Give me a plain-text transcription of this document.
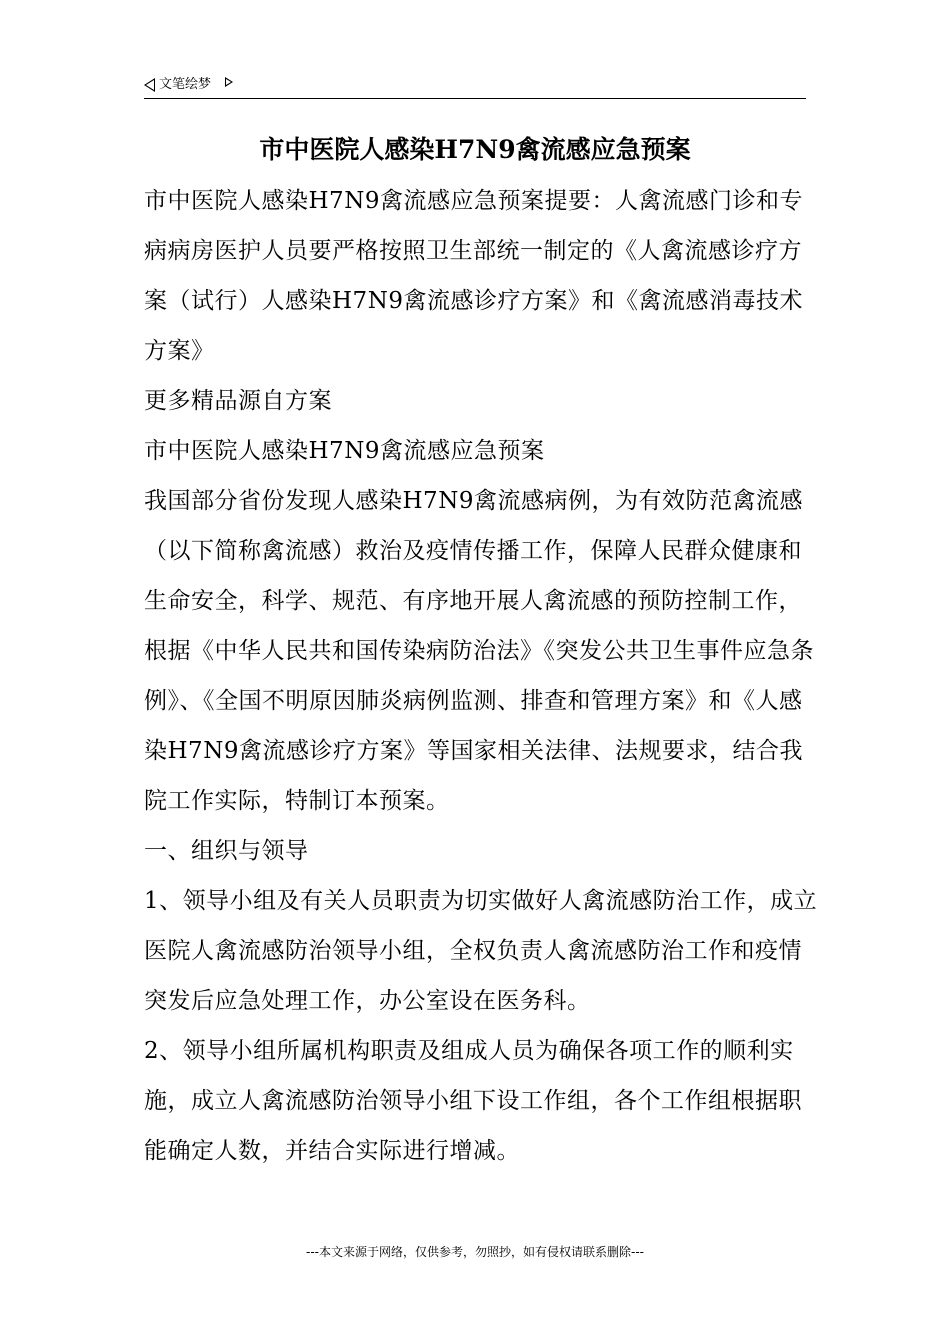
文笔绘梦
市中医院人感染H7N9禽流感应急预案

市中医院人感染H7N9禽流感应急预案提要：人禽流感门诊和专病病房医护人员要严格按照卫生部统一制定的《人禽流感诊疗方案（试行）人感染H7N9禽流感诊疗方案》和《禽流感消毒技术方案》

更多精品源自方案

市中医院人感染H7N9禽流感应急预案

我国部分省份发现人感染H7N9禽流感病例，为有效防范禽流感（以下简称禽流感）救治及疫情传播工作，保障人民群众健康和生命安全，科学、规范、有序地开展人禽流感的预防控制工作，根据《中华人民共和国传染病防治法》《突发公共卫生事件应急条例》、《全国不明原因肺炎病例监测、排查和管理方案》和《人感染H7N9禽流感诊疗方案》等国家相关法律、法规要求，结合我院工作实际，特制订本预案。

一、组织与领导

1、领导小组及有关人员职责为切实做好人禽流感防治工作，成立医院人禽流感防治领导小组，全权负责人禽流感防治工作和疫情突发后应急处理工作，办公室设在医务科。

2、领导小组所属机构职责及组成人员为确保各项工作的顺利实施，成立人禽流感防治领导小组下设工作组，各个工作组根据职能确定人数，并结合实际进行增减。

---本文来源于网络，仅供参考，勿照抄，如有侵权请联系删除---
